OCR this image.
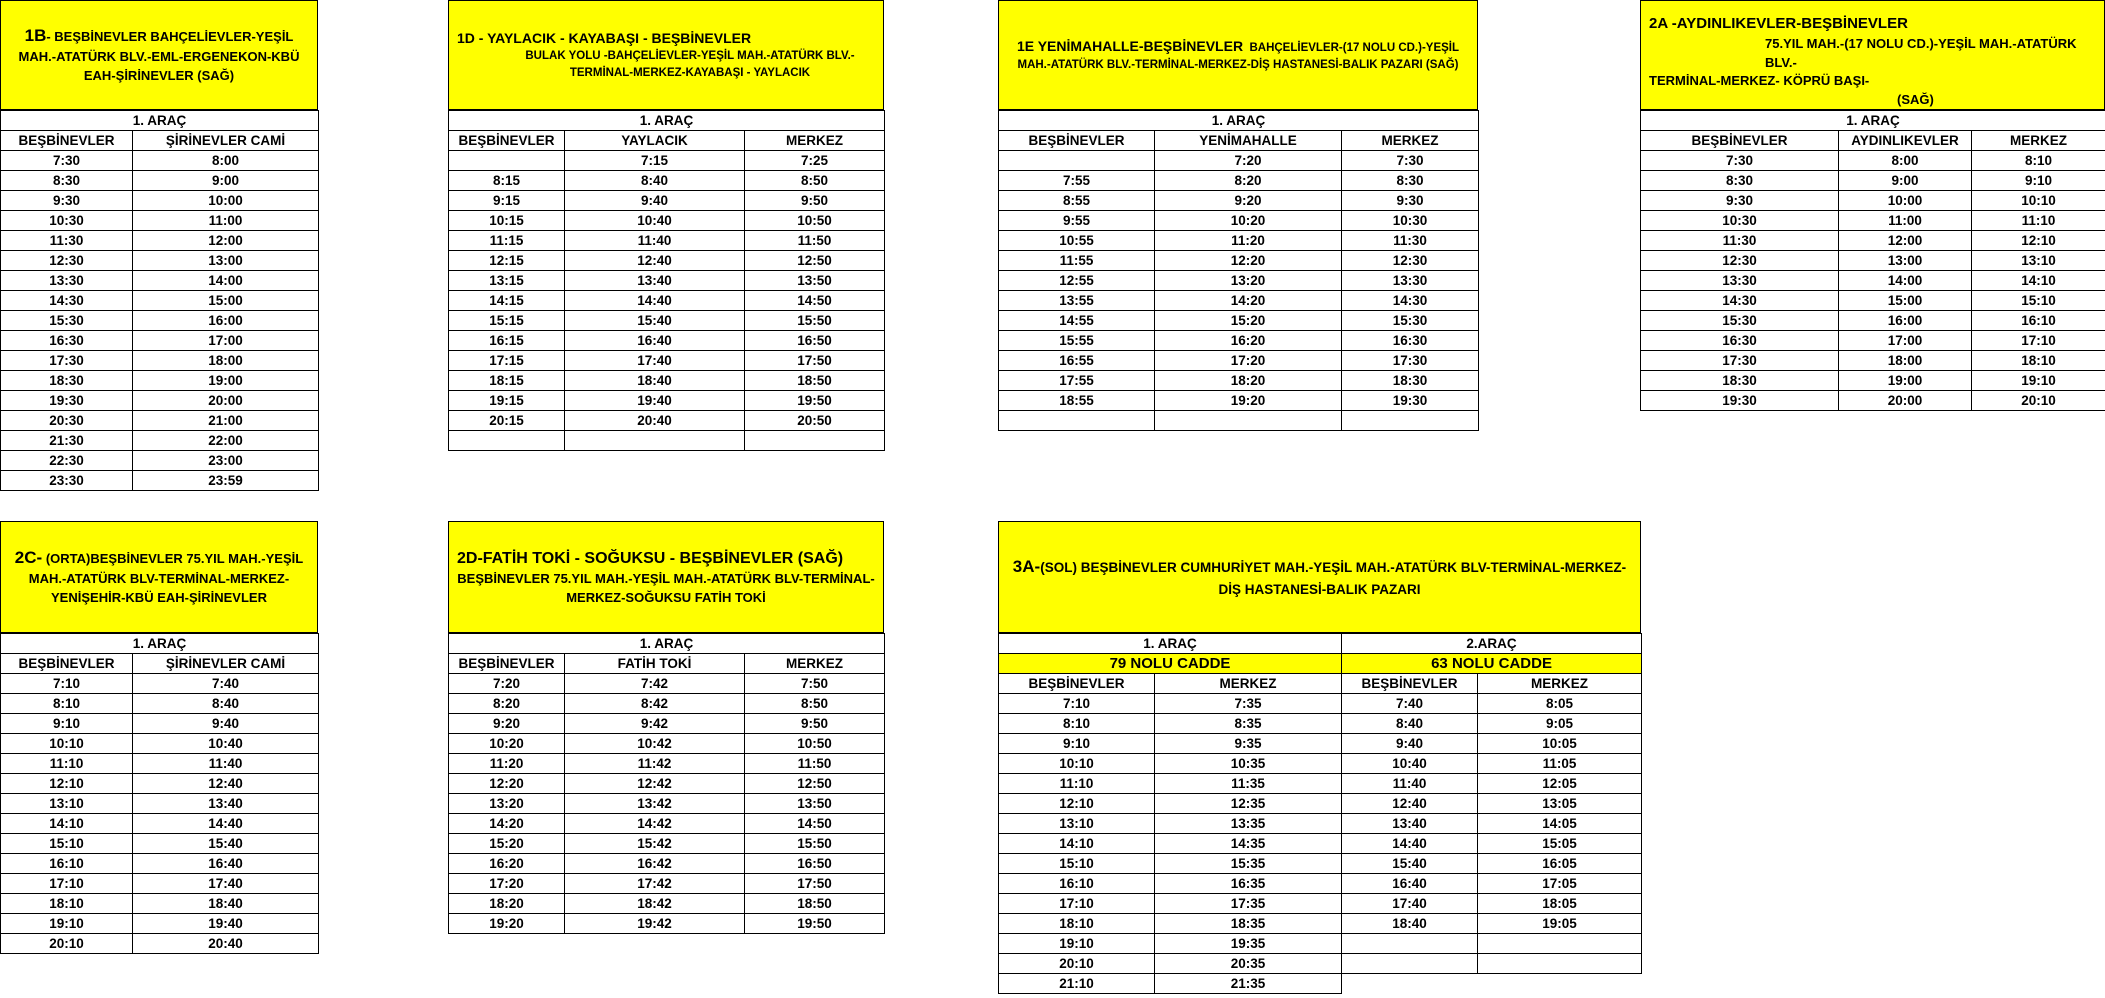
1B- BEŞBİNEVLER BAHÇELİEVLER-YEŞİL MAH.-ATATÜRK BLV.-EML-ERGENEKON-KBÜ EAH-ŞİRİNEVLER (SAĞ)
1. ARAÇ	
BEŞBİNEVLER	ŞİRİNEVLER CAMİ
7:30	8:00
8:30	9:00
9:30	10:00
10:30	11:00
11:30	12:00
12:30	13:00
13:30	14:00
14:30	15:00
15:30	16:00
16:30	17:00
17:30	18:00
18:30	19:00
19:30	20:00
20:30	21:00
21:30	22:00
22:30	23:00
23:30	23:59
1D - YAYLACIK - KAYABAŞI - BEŞBİNEVLER
BULAK YOLU -BAHÇELİEVLER-YEŞİL MAH.-ATATÜRK BLV.-TERMİNAL-MERKEZ-KAYABAŞI - YAYLACIK
1. ARAÇ		
BEŞBİNEVLER	YAYLACIK	MERKEZ
	7:15	7:25
8:15	8:40	8:50
9:15	9:40	9:50
10:15	10:40	10:50
11:15	11:40	11:50
12:15	12:40	12:50
13:15	13:40	13:50
14:15	14:40	14:50
15:15	15:40	15:50
16:15	16:40	16:50
17:15	17:40	17:50
18:15	18:40	18:50
19:15	19:40	19:50
20:15	20:40	20:50

1E YENİMAHALLE-BEŞBİNEVLER BAHÇELİEVLER-(17 NOLU CD.)-YEŞİL MAH.-ATATÜRK BLV.-TERMİNAL-MERKEZ-DİŞ HASTANESİ-BALIK PAZARI (SAĞ)
1. ARAÇ		
BEŞBİNEVLER	YENİMAHALLE	MERKEZ
	7:20	7:30
7:55	8:20	8:30
8:55	9:20	9:30
9:55	10:20	10:30
10:55	11:20	11:30
11:55	12:20	12:30
12:55	13:20	13:30
13:55	14:20	14:30
14:55	15:20	15:30
15:55	16:20	16:30
16:55	17:20	17:30
17:55	18:20	18:30
18:55	19:20	19:30

2A -AYDINLIKEVLER-BEŞBİNEVLER
75.YIL MAH.-(17 NOLU CD.)-YEŞİL MAH.-ATATÜRK BLV.-
TERMİNAL-MERKEZ- KÖPRÜ BAŞI-
(SAĞ)
1. ARAÇ		
BEŞBİNEVLER	AYDINLIKEVLER	MERKEZ
7:30	8:00	8:10
8:30	9:00	9:10
9:30	10:00	10:10
10:30	11:00	11:10
11:30	12:00	12:10
12:30	13:00	13:10
13:30	14:00	14:10
14:30	15:00	15:10
15:30	16:00	16:10
16:30	17:00	17:10
17:30	18:00	18:10
18:30	19:00	19:10
19:30	20:00	20:10
2C- (ORTA)BEŞBİNEVLER 75.YIL MAH.-YEŞİL MAH.-ATATÜRK BLV-TERMİNAL-MERKEZ-YENİŞEHİR-KBÜ EAH-ŞİRİNEVLER
1. ARAÇ	
BEŞBİNEVLER	ŞİRİNEVLER CAMİ
7:10	7:40
8:10	8:40
9:10	9:40
10:10	10:40
11:10	11:40
12:10	12:40
13:10	13:40
14:10	14:40
15:10	15:40
16:10	16:40
17:10	17:40
18:10	18:40
19:10	19:40
20:10	20:40
2D-FATİH TOKİ - SOĞUKSU - BEŞBİNEVLER (SAĞ)
BEŞBİNEVLER 75.YIL MAH.-YEŞİL MAH.-ATATÜRK BLV-TERMİNAL-MERKEZ-SOĞUKSU FATİH TOKİ
1. ARAÇ		
BEŞBİNEVLER	FATİH TOKİ	MERKEZ
7:20	7:42	7:50
8:20	8:42	8:50
9:20	9:42	9:50
10:20	10:42	10:50
11:20	11:42	11:50
12:20	12:42	12:50
13:20	13:42	13:50
14:20	14:42	14:50
15:20	15:42	15:50
16:20	16:42	16:50
17:20	17:42	17:50
18:20	18:42	18:50
19:20	19:42	19:50
3A-(SOL) BEŞBİNEVLER CUMHURİYET MAH.-YEŞİL MAH.-ATATÜRK BLV-TERMİNAL-MERKEZ-DİŞ HASTANESİ-BALIK PAZARI
1. ARAÇ		2.ARAÇ	
79 NOLU CADDE		63 NOLU CADDE	
BEŞBİNEVLER	MERKEZ	BEŞBİNEVLER	MERKEZ
7:10	7:35	7:40	8:05
8:10	8:35	8:40	9:05
9:10	9:35	9:40	10:05
10:10	10:35	10:40	11:05
11:10	11:35	11:40	12:05
12:10	12:35	12:40	13:05
13:10	13:35	13:40	14:05
14:10	14:35	14:40	15:05
15:10	15:35	15:40	16:05
16:10	16:35	16:40	17:05
17:10	17:35	17:40	18:05
18:10	18:35	18:40	19:05
19:10	19:35		
20:10	20:35		
21:10	21:35		
